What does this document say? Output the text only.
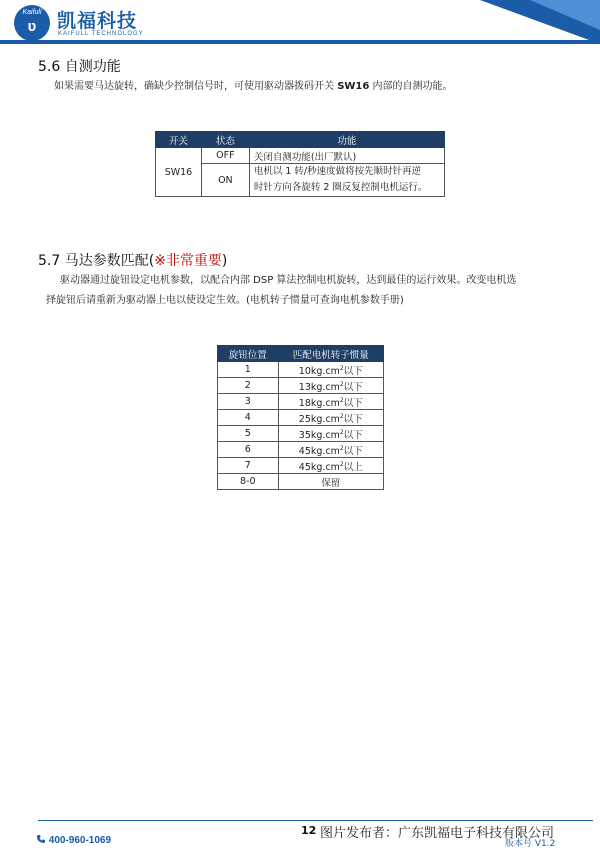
Kaifull
ʋ	凯福科技
KAIFULL TECHNOLOGY
5.6 自测功能

如果需要马达旋转，确缺少控制信号时，可使用驱动器拨码开关 SW16 内部的自测功能。

开关	状态	功能
SW16	OFF	关闭自测功能(出厂默认)
	ON	电机以 1 转/秒速度做将按先顺时针再逆
时针方向各旋转 2 圈反复控制电机运行。
5.7 马达参数匹配(※非常重要)

驱动器通过旋钮设定电机参数，以配合内部 DSP 算法控制电机旋转，达到最佳的运行效果。改变电机选

择旋钮后请重新为驱动器上电以使设定生效。(电机转子惯量可查询电机参数手册)

旋钮位置	匹配电机转子惯量
1	$10kg.cm^2$以下
2	$13kg.cm^2$以下
3	$18kg.cm^2$以下
4	$25kg.cm^2$以下
5	$35kg.cm^2$以下
6	$45kg.cm^2$以下
7	$45kg.cm^2$以上
8-0	保留
400-960-1069
12 图片发布者：广东凯福电子科技有限公司
版本号 V1.2
